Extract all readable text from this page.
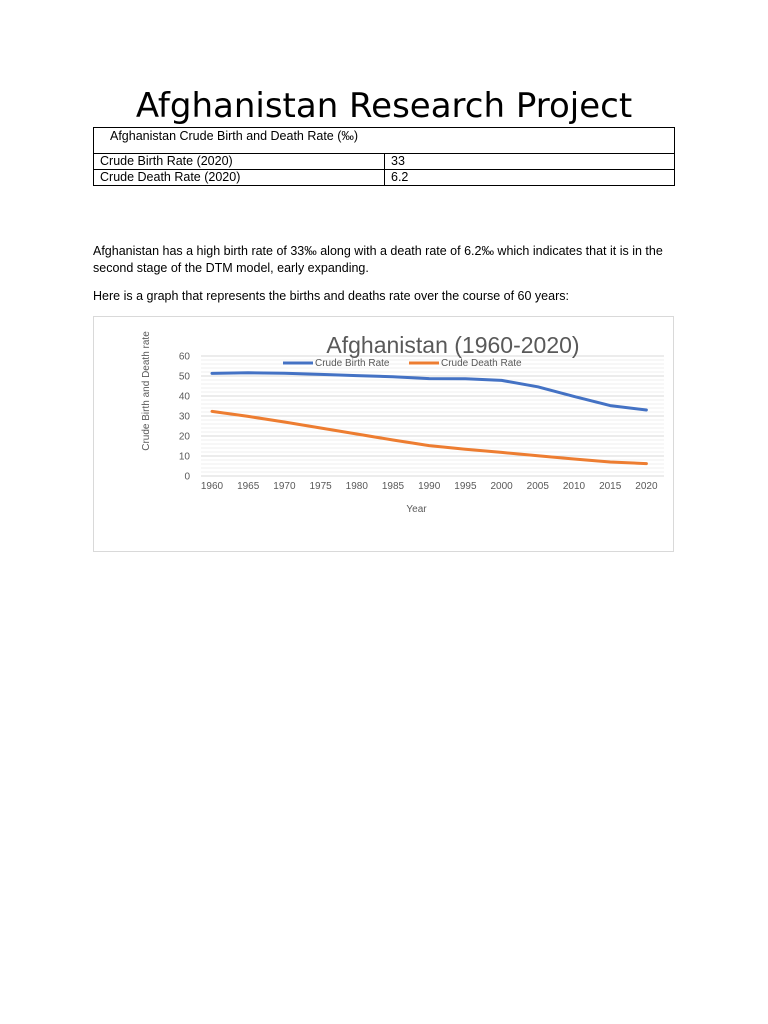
Afghanistan Research Project
Afghanistan Crude Birth and Death Rate (‰)	
Crude Birth Rate (2020)	33
Crude Death Rate (2020)	6.2

Afghanistan has a high birth rate of 33‰ along with a death rate of 6.2‰ which indicates that it is in the second stage of the DTM model, early expanding.

Here is a graph that represents the births and deaths rate over the course of 60 years:

0
10
20
30
40
50
60
1960 1965 1970 1975 1980 1985 1990 1995 2000 2005 2010 2015 2020
Year
Crude Birth and Death rate	Afghanistan (1960-2020)
Crude Birth Rate	Crude Death Rate
